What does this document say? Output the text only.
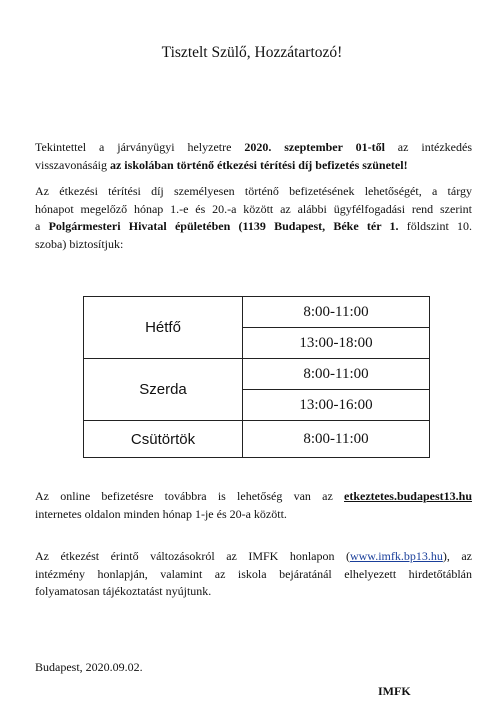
Tisztelt Szülő, Hozzátartozó!
Tekintettel a járványügyi helyzetre 2020. szeptember 01-től az intézkedés
visszavonásáig az iskolában történő étkezési térítési díj befizetés szünetel!
Az étkezési térítési díj személyesen történő befizetésének lehetőségét, a tárgy
hónapot megelőző hónap 1.-e és 20.-a között az alábbi ügyfélfogadási rend szerint
a Polgármesteri Hivatal épületében (1139 Budapest, Béke tér 1. földszint 10.
szoba) biztosítjuk:
Hétfő	8:00-11:00
	13:00-18:00
Szerda	8:00-11:00
	13:00-16:00
Csütörtök	8:00-11:00
Az online befizetésre továbbra is lehetőség van az etkeztetes.budapest13.hu
internetes oldalon minden hónap 1-je és 20-a között.
Az étkezést érintő változásokról az IMFK honlapon (www.imfk.bp13.hu), az
intézmény honlapján, valamint az iskola bejáratánál elhelyezett hirdetőtáblán
folyamatosan tájékoztatást nyújtunk.
Budapest, 2020.09.02.
IMFK
